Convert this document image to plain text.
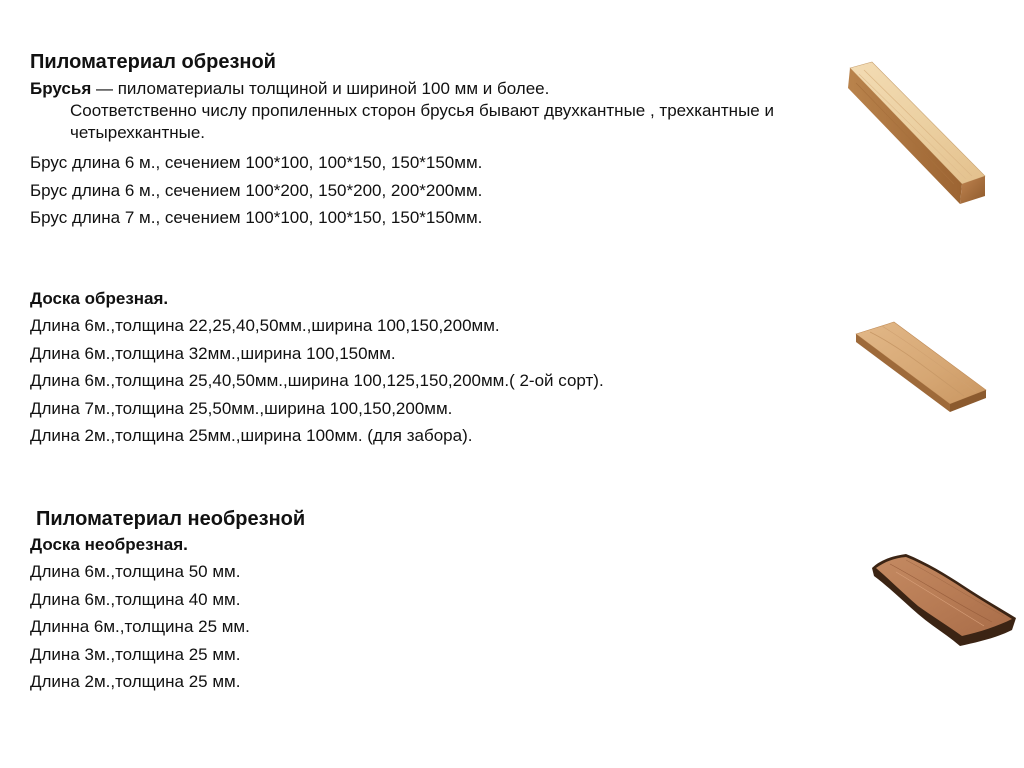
Пиломатериал обрезной
Брусья — пиломатериалы толщиной и шириной 100 мм и более.
Соответственно числу пропиленных сторон брусья бывают двухкантные , трехкантные и четырехкантные.
Брус длина 6 м., сечением 100*100, 100*150, 150*150мм.
Брус длина 6 м., сечением 100*200, 150*200, 200*200мм.
Брус длина 7 м., сечением 100*100, 100*150, 150*150мм.
Доска обрезная.
Длина 6м.,толщина 22,25,40,50мм.,ширина 100,150,200мм.
Длина 6м.,толщина 32мм.,ширина 100,150мм.
Длина 6м.,толщина 25,40,50мм.,ширина 100,125,150,200мм.( 2-ой сорт).
Длина 7м.,толщина 25,50мм.,ширина 100,150,200мм.
Длина 2м.,толщина 25мм.,ширина 100мм. (для забора).
Пиломатериал необрезной
Доска необрезная.
Длина 6м.,толщина 50 мм.
Длина 6м.,толщина 40 мм.
Длинна 6м.,толщина 25 мм.
Длина 3м.,толщина 25 мм.
Длина 2м.,толщина 25 мм.
